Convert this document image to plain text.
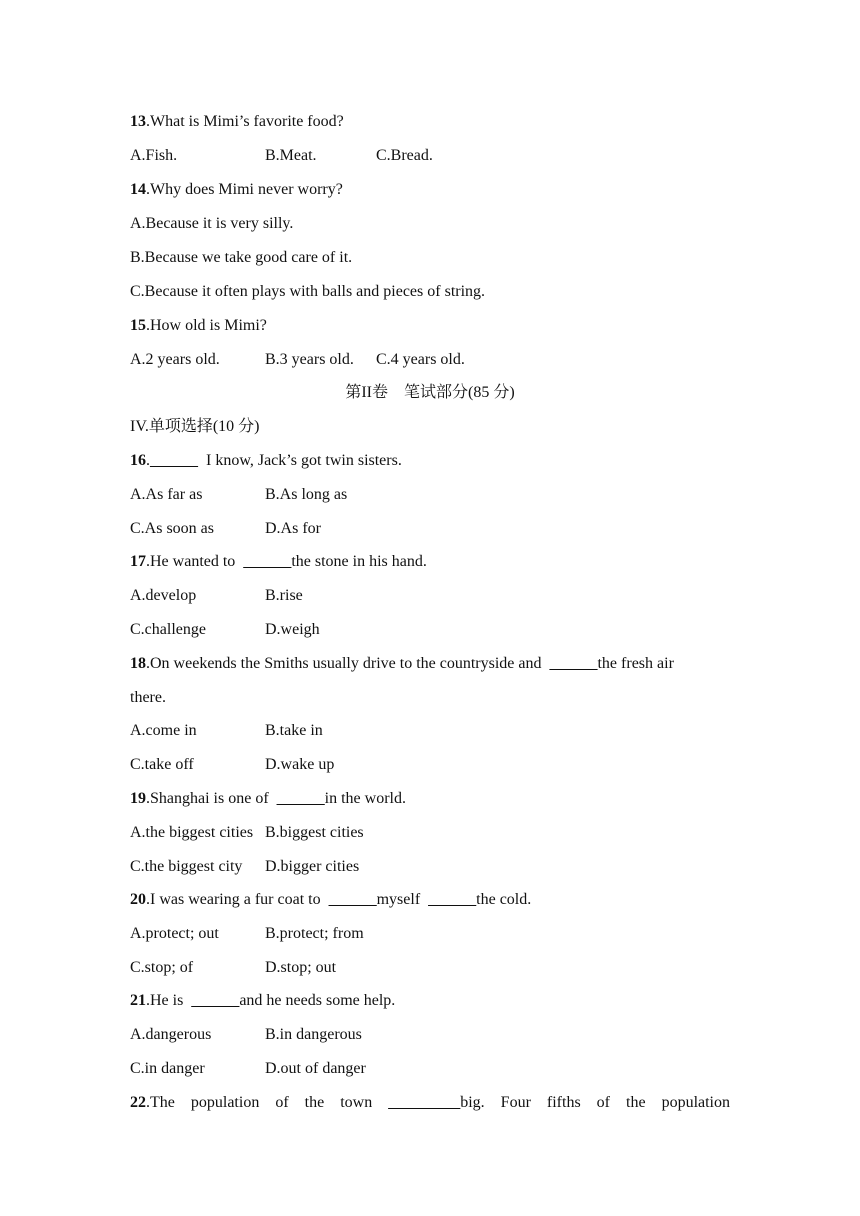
13.What is Mimi’s favorite food?
A.Fish.	B.Meat.	C.Bread.
14.Why does Mimi never worry?
A.Because it is very silly.
B.Because we take good care of it.
C.Because it often plays with balls and pieces of string.
15.How old is Mimi?
A.2 years old.	B.3 years old. C.4 years old.
第II卷　笔试部分(85 分)
IV.单项选择(10 分)
16.______  I know, Jack’s got twin sisters.
A.As far as	B.As long as
C.As soon as	D.As for
17.He wanted to  ______the stone in his hand.
A.develop	B.rise
C.challenge	D.weigh
18.On weekends the Smiths usually drive to the countryside and  ______the fresh air
there.
A.come in	B.take in
C.take off	D.wake up
19.Shanghai is one of  ______in the world.
A.the biggest cities B.biggest cities
C.the biggest city D.bigger cities
20.I was wearing a fur coat to  ______myself  ______the cold.
A.protect; out	B.protect; from
C.stop; of	D.stop; out
21.He is  ______and he needs some help.
A.dangerous	B.in dangerous
C.in danger	D.out of danger
22.The population of the town _________big. Four fifths of the population
